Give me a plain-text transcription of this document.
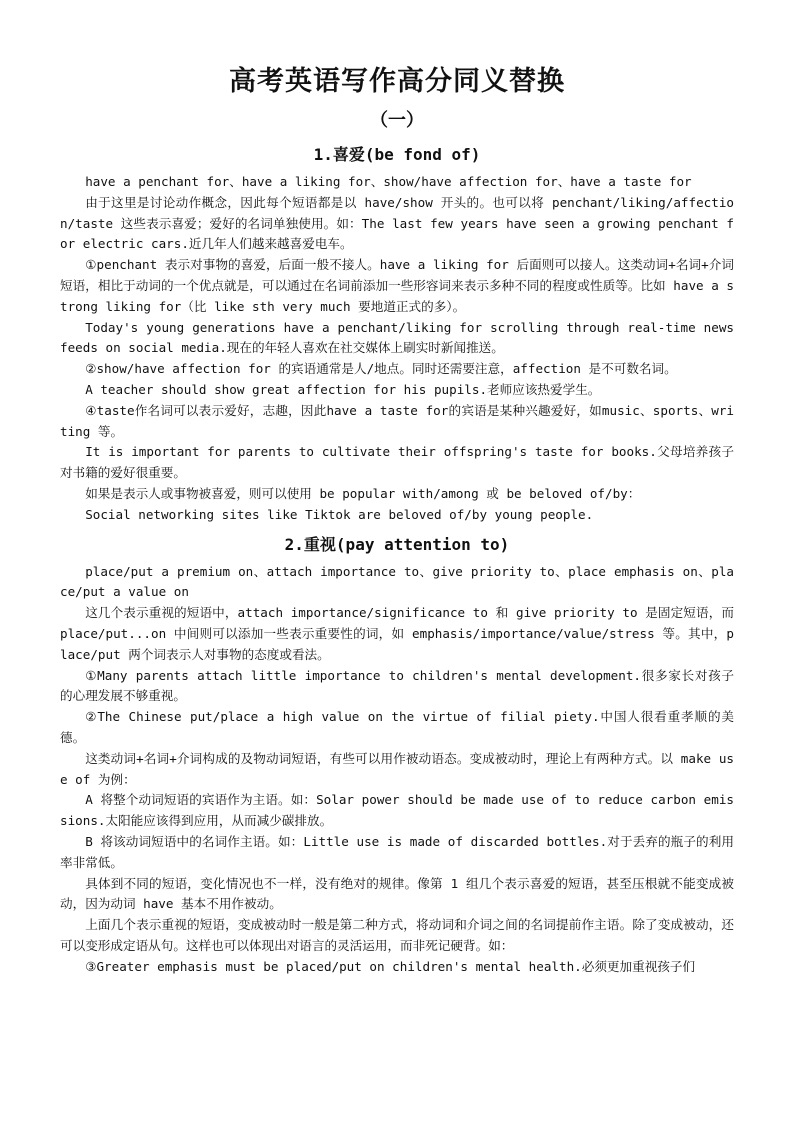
高考英语写作高分同义替换
（一）
1.喜爱(be fond of)

have a penchant for、have a liking for、show/have affection for、have a taste for

由于这里是讨论动作概念，因此每个短语都是以 have/show 开头的。也可以将 penchant/liking/affection/taste 这些表示喜爱；爱好的名词单独使用。如：The last few years have seen a growing penchant for electric cars.近几年人们越来越喜爱电车。

①penchant 表示对事物的喜爱，后面一般不接人。have a liking for 后面则可以接人。这类动词+名词+介词短语，相比于动词的一个优点就是，可以通过在名词前添加一些形容词来表示多种不同的程度或性质等。比如 have a strong liking for（比 like sth very much 要地道正式的多）。

Today's young generations have a penchant/liking for scrolling through real-time news feeds on social media.现在的年轻人喜欢在社交媒体上刷实时新闻推送。

②show/have affection for 的宾语通常是人/地点。同时还需要注意，affection 是不可数名词。

A teacher should show great affection for his pupils.老师应该热爱学生。

④taste作名词可以表示爱好，志趣，因此have a taste for的宾语是某种兴趣爱好，如music、sports、writing 等。

It is important for parents to cultivate their offspring's taste for books.父母培养孩子对书籍的爱好很重要。

如果是表示人或事物被喜爱，则可以使用 be popular with/among 或 be beloved of/by：

Social networking sites like Tiktok are beloved of/by young people.

2.重视(pay attention to)

place/put a premium on、attach importance to、give priority to、place emphasis on、place/put a value on

这几个表示重视的短语中，attach importance/significance to 和 give priority to 是固定短语，而 place/put...on 中间则可以添加一些表示重要性的词，如 emphasis/importance/value/stress 等。其中，place/put 两个词表示人对事物的态度或看法。

①Many parents attach little importance to children's mental development.很多家长对孩子的心理发展不够重视。

②The Chinese put/place a high value on the virtue of filial piety.中国人很看重孝顺的美德。

这类动词+名词+介词构成的及物动词短语，有些可以用作被动语态。变成被动时，理论上有两种方式。以 make use of 为例：

A 将整个动词短语的宾语作为主语。如：Solar power should be made use of to reduce carbon emissions.太阳能应该得到应用，从而减少碳排放。

B 将该动词短语中的名词作主语。如：Little use is made of discarded bottles.对于丢弃的瓶子的利用率非常低。

具体到不同的短语，变化情况也不一样，没有绝对的规律。像第 1 组几个表示喜爱的短语，甚至压根就不能变成被动，因为动词 have 基本不用作被动。

上面几个表示重视的短语，变成被动时一般是第二种方式，将动词和介词之间的名词提前作主语。除了变成被动，还可以变形成定语从句。这样也可以体现出对语言的灵活运用，而非死记硬背。如：

③Greater emphasis must be placed/put on children's mental health.必须更加重视孩子们
